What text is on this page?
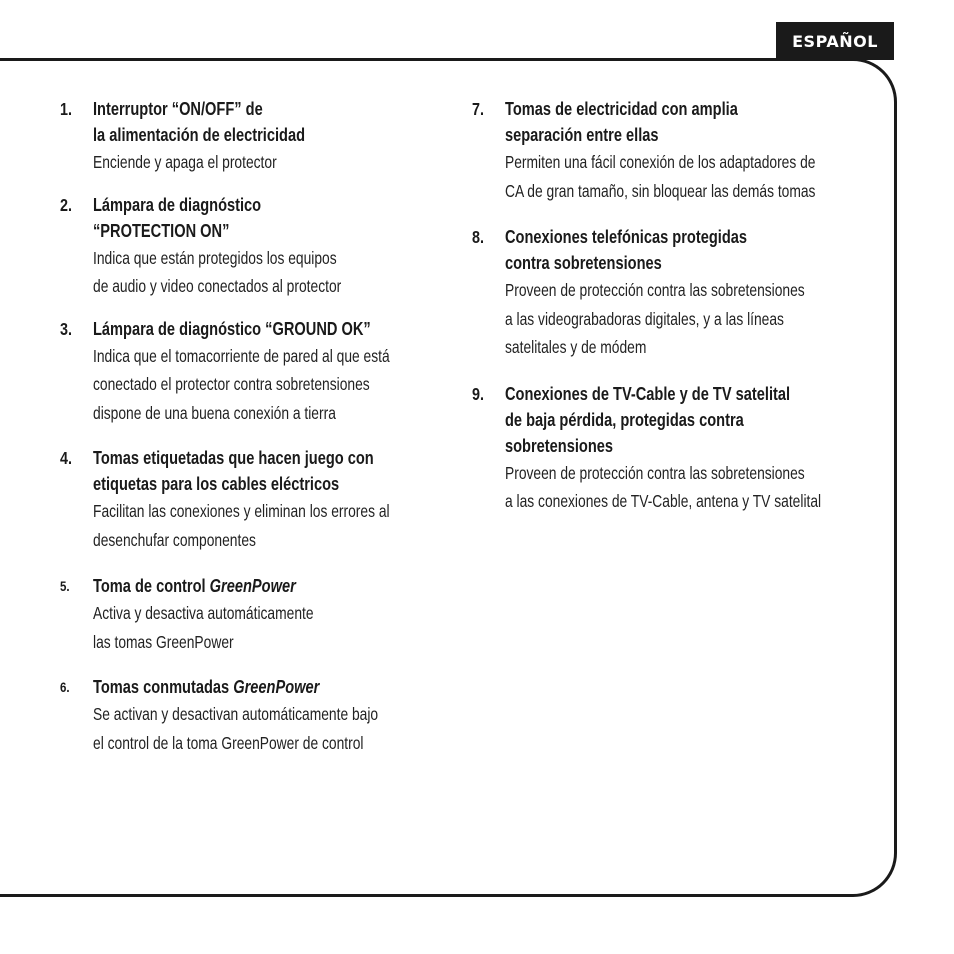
ESPAÑOL
1. Interruptor “ON/OFF” de
la alimentación de electricidad
Enciende y apaga el protector
2. Lámpara de diagnóstico
“PROTECTION ON”
Indica que están protegidos los equipos
de audio y video conectados al protector
3. Lámpara de diagnóstico “GROUND OK”
Indica que el tomacorriente de pared al que está
conectado el protector contra sobretensiones
dispone de una buena conexión a tierra
4. Tomas etiquetadas que hacen juego con
etiquetas para los cables eléctricos
Facilitan las conexiones y eliminan los errores al
desenchufar componentes
5. Toma de control GreenPower
Activa y desactiva automáticamente
las tomas GreenPower
6. Tomas conmutadas GreenPower
Se activan y desactivan automáticamente bajo
el control de la toma GreenPower de control
7. Tomas de electricidad con amplia
separación entre ellas
Permiten una fácil conexión de los adaptadores de
CA de gran tamaño, sin bloquear las demás tomas
8. Conexiones telefónicas protegidas
contra sobretensiones
Proveen de protección contra las sobretensiones
a las videograbadoras digitales, y a las líneas
satelitales y de módem
9. Conexiones de TV-Cable y de TV satelital
de baja pérdida, protegidas contra
sobretensiones
Proveen de protección contra las sobretensiones
a las conexiones de TV-Cable, antena y TV satelital
